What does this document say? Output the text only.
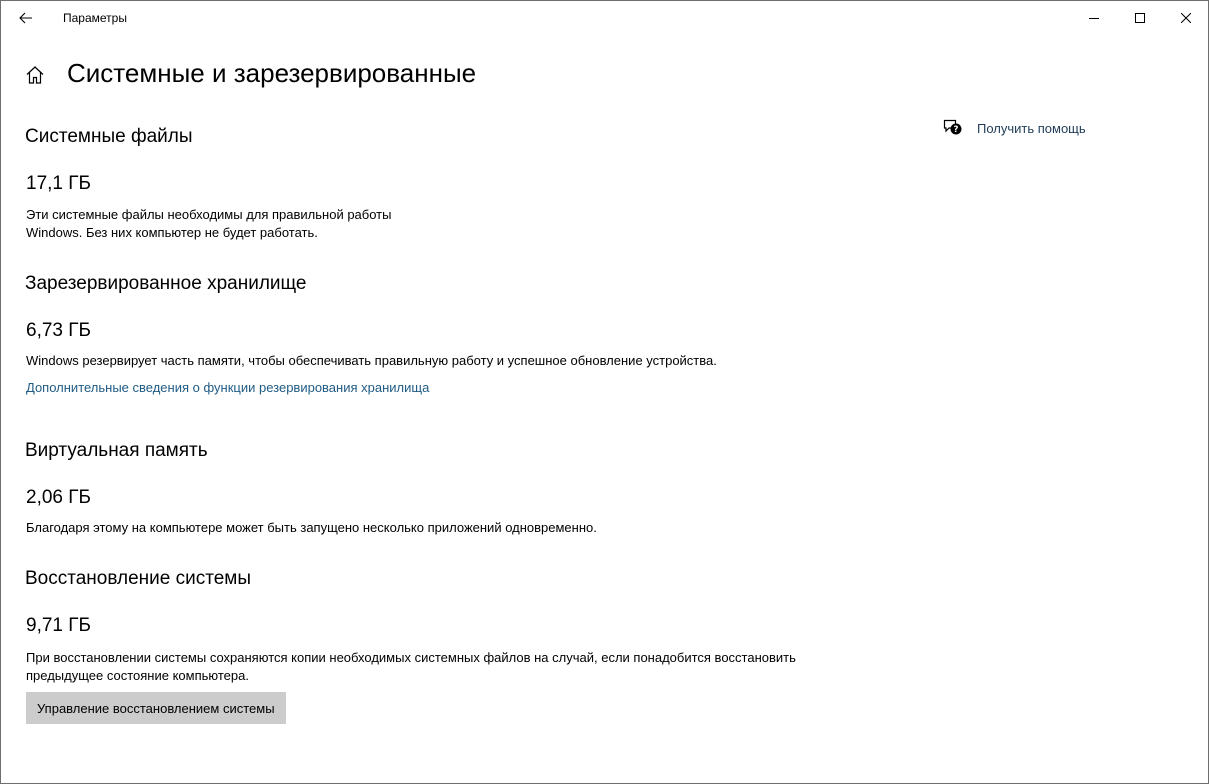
Параметры
Системные и зарезервированные
? Получить помощь
Системные файлы
17,1 ГБ
Эти системные файлы необходимы для правильной работы
Windows. Без них компьютер не будет работать.
Зарезервированное хранилище
6,73 ГБ
Windows резервирует часть памяти, чтобы обеспечивать правильную работу и успешное обновление устройства.
Дополнительные сведения о функции резервирования хранилища
Виртуальная память
2,06 ГБ
Благодаря этому на компьютере может быть запущено несколько приложений одновременно.
Восстановление системы
9,71 ГБ
При восстановлении системы сохраняются копии необходимых системных файлов на случай, если понадобится восстановить
предыдущее состояние компьютера.
Управление восстановлением системы
